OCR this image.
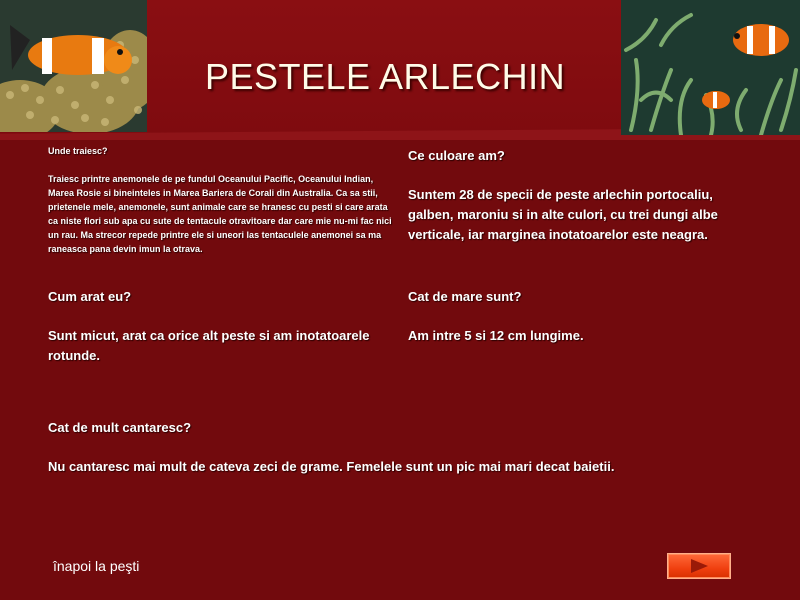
PESTELE ARLECHIN
Unde traiesc?
Traiesc printre anemonele de pe fundul Oceanului Pacific, Oceanului Indian, Marea Rosie si bineinteles in Marea Bariera de Corali din Australia. Ca sa stii, prietenele mele, anemonele, sunt animale care se hranesc cu pesti si care arata ca niste flori sub apa cu sute de tentacule otravitoare dar care mie nu-mi fac nici un rau. Ma strecor repede printre ele si uneori las tentaculele anemonei sa ma raneasca pana devin imun la otrava.
Ce culoare am?
Suntem 28 de specii de peste arlechin portocaliu, galben, maroniu si in alte culori, cu trei dungi albe verticale, iar marginea inotatoarelor este neagra.
Cum arat eu?
Sunt micut, arat ca orice alt peste si am inotatoarele rotunde.
Cat de mare sunt?
Am intre 5 si 12 cm lungime.
Cat de mult cantaresc?
Nu cantaresc mai mult de cateva zeci de grame. Femelele sunt un pic mai mari decat baietii.
înapoi la peşti
